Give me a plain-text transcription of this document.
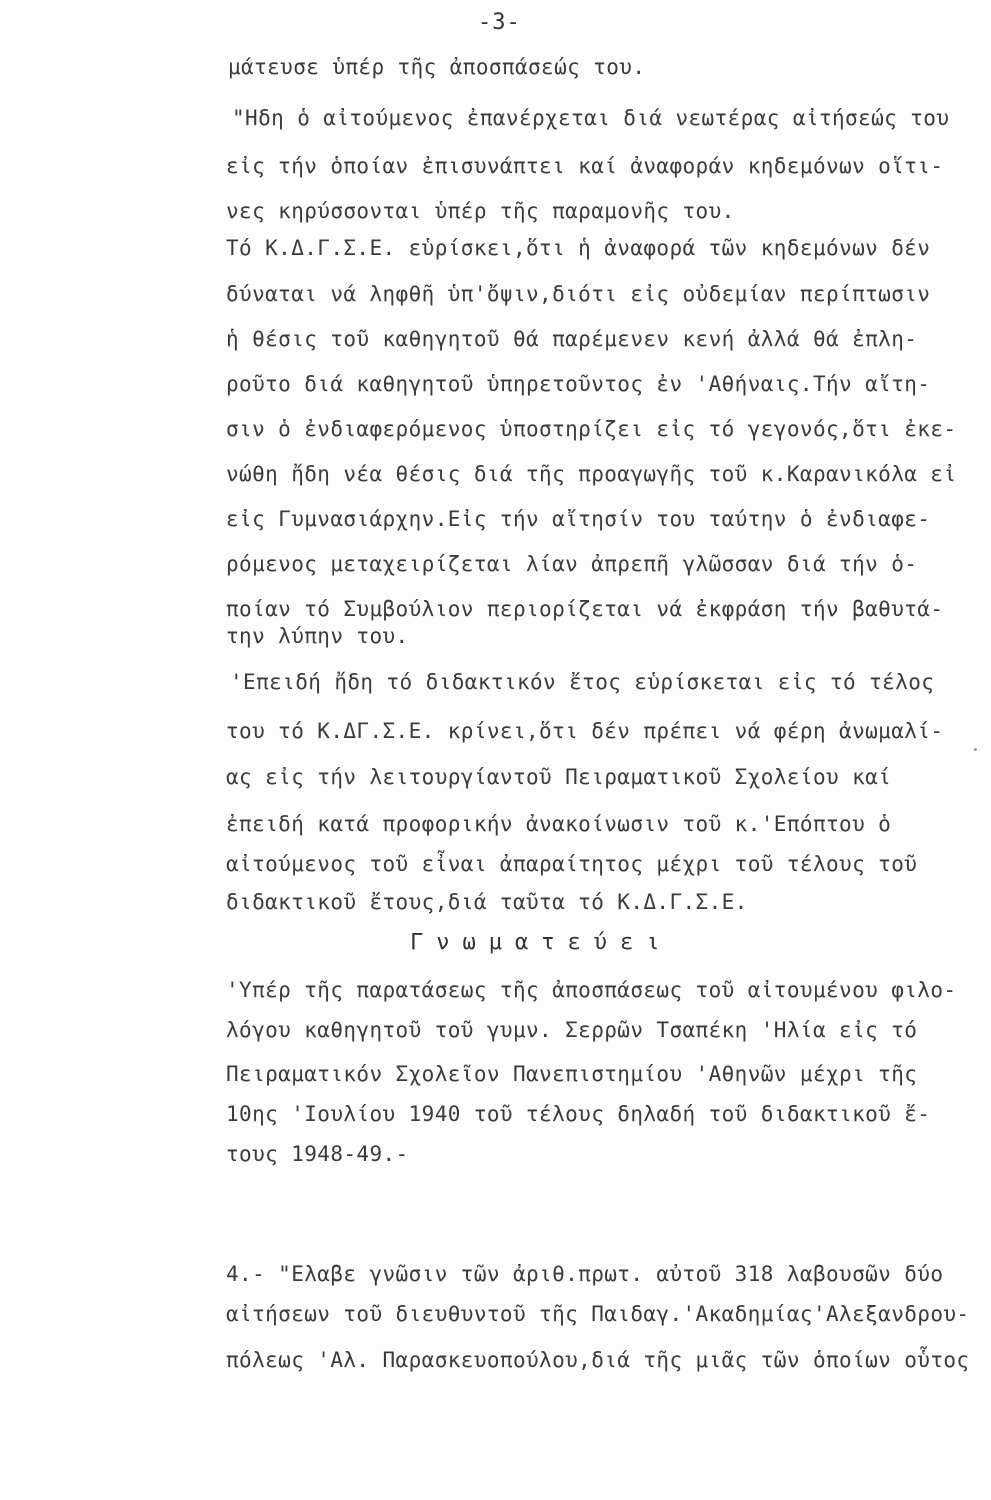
-3-
μάτευσε ὑπέρ τῆς ἀποσπάσεώς του.
"Ηδη ὁ αἰτούμενος ἐπανέρχεται διά νεωτέρας αἰτήσεώς του
εἰς τήν ὁποίαν ἐπισυνάπτει καί ἀναφοράν κηδεμόνων οἵτι-
νες κηρύσσονται ὑπέρ τῆς παραμονῆς του.
Τό Κ.Δ.Γ.Σ.Ε. εὑρίσκει,ὅτι ἡ ἀναφορά τῶν κηδεμόνων δέν
δύναται νά ληφθῆ ὑπ'ὄψιν,διότι εἰς οὐδεμίαν περίπτωσιν
ἡ θέσις τοῦ καθηγητοῦ θά παρέμενεν κενή ἀλλά θά ἐπλη-
ροῦτο διά καθηγητοῦ ὑπηρετοῦντος ἐν 'Αθήναις.Τήν αἴτη-
σιν ὁ ἐνδιαφερόμενος ὑποστηρίζει εἰς τό γεγονός,ὅτι ἐκε-
νώθη ἤδη νέα θέσις διά τῆς προαγωγῆς τοῦ κ.Καρανικόλα εἰ
εἰς Γυμνασιάρχην.Εἰς τήν αἴτησίν του ταύτην ὁ ἐνδιαφε-
ρόμενος μεταχειρίζεται λίαν ἀπρεπῆ γλῶσσαν διά τήν ὁ-
ποίαν τό Συμβούλιον περιορίζεται νά ἐκφράση τήν βαθυτά-
την λύπην του.
'Επειδή ἤδη τό διδακτικόν ἔτος εὑρίσκεται εἰς τό τέλος
του τό Κ.ΔΓ.Σ.Ε. κρίνει,ὅτι δέν πρέπει νά φέρη ἀνωμαλί-
ας εἰς τήν λειτουργίαντοῦ Πειραματικοῦ Σχολείου καί
ἐπειδή κατά προφορικήν ἀνακοίνωσιν τοῦ κ.'Επόπτου ὁ
αἰτούμενος τοῦ εἶναι ἀπαραίτητος μέχρι τοῦ τέλους τοῦ
διδακτικοῦ ἔτους,διά ταῦτα τό Κ.Δ.Γ.Σ.Ε.
Γνωματεύει
'Υπέρ τῆς παρατάσεως τῆς ἀποσπάσεως τοῦ αἰτουμένου φιλο-
λόγου καθηγητοῦ τοῦ γυμν. Σερρῶν Τσαπέκη 'Ηλία εἰς τό
Πειραματικόν Σχολεῖον Πανεπιστημίου 'Αθηνῶν μέχρι τῆς
10ης 'Ιουλίου 1940 τοῦ τέλους δηλαδή τοῦ διδακτικοῦ ἔ-
τους 1948-49.-
4.- "Ελαβε γνῶσιν τῶν ἀριθ.πρωτ. αὐτοῦ 318 λαβουσῶν δύο
αἰτήσεων τοῦ διευθυντοῦ τῆς Παιδαγ.'Ακαδημίας'Αλεξανδρου-
πόλεως 'Αλ. Παρασκευοπούλου,διά τῆς μιᾶς τῶν ὁποίων οὗτος
